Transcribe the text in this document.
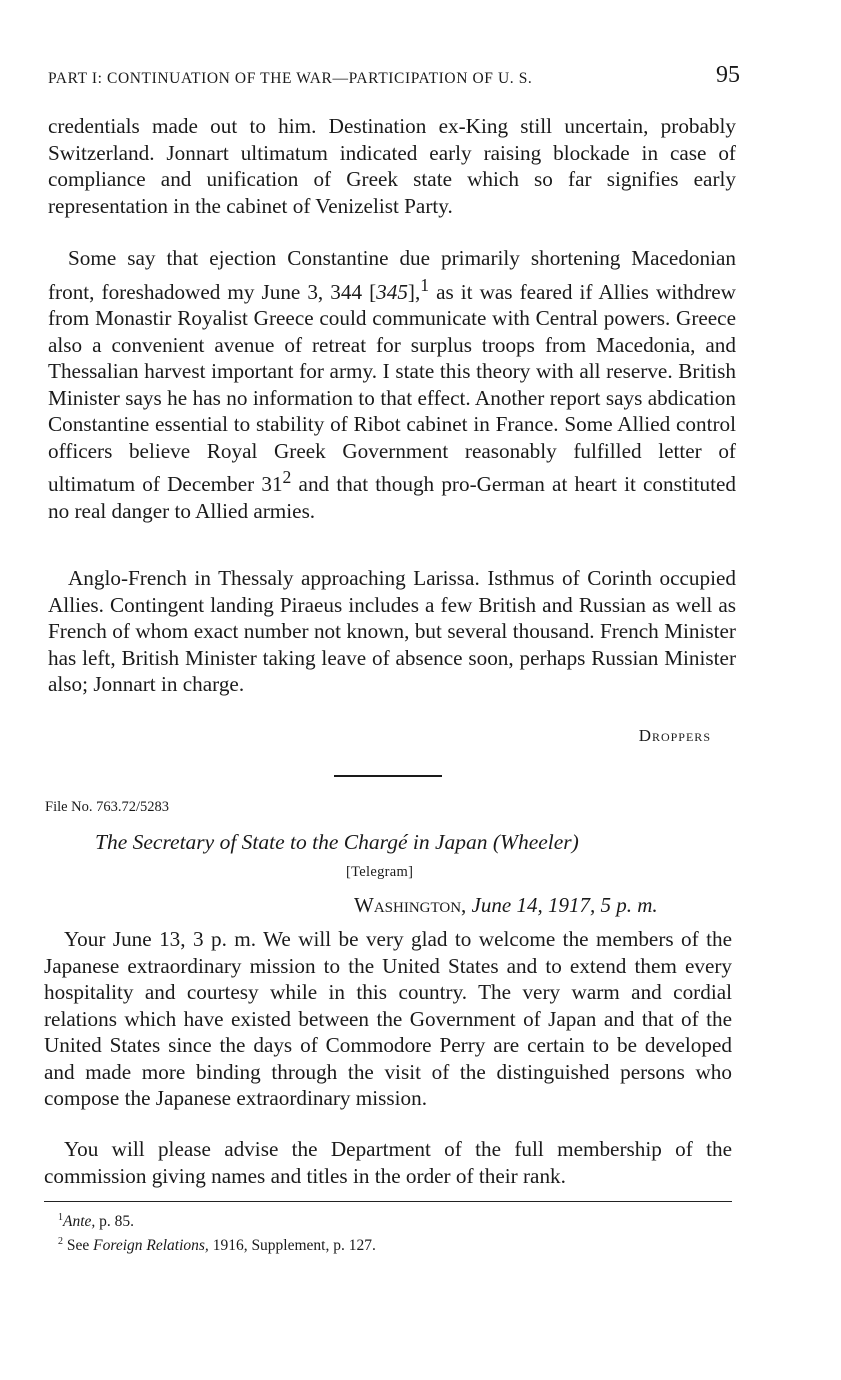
PART I: CONTINUATION OF THE WAR—PARTICIPATION OF U. S.	95

credentials made out to him. Destination ex-King still uncertain, probably Switzerland. Jonnart ultimatum indicated early raising blockade in case of compliance and unification of Greek state which so far signifies early representation in the cabinet of Venizelist Party.

Some say that ejection Constantine due primarily shortening Macedonian front, foreshadowed my June 3, 344 [345],$^1$ as it was feared if Allies withdrew from Monastir Royalist Greece could communicate with Central powers. Greece also a convenient avenue of retreat for surplus troops from Macedonia, and Thessalian harvest important for army. I state this theory with all reserve. British Minister says he has no information to that effect. Another report says abdication Constantine essential to stability of Ribot cabinet in France. Some Allied control officers believe Royal Greek Government reasonably fulfilled letter of ultimatum of December $31^2$ and that though pro-German at heart it constituted no real danger to Allied armies.

Anglo-French in Thessaly approaching Larissa. Isthmus of Corinth occupied Allies. Contingent landing Piraeus includes a few British and Russian as well as French of whom exact number not known, but several thousand. French Minister has left, British Minister taking leave of absence soon, perhaps Russian Minister also; Jonnart in charge.

Droppers
File No. 763.72/5283
The Secretary of State to the Chargé in Japan (Wheeler)
[Telegram]
Washington, June 14, 1917, 5 p. m.

Your June 13, 3 p. m. We will be very glad to welcome the members of the Japanese extraordinary mission to the United States and to extend them every hospitality and courtesy while in this country. The very warm and cordial relations which have existed between the Government of Japan and that of the United States since the days of Commodore Perry are certain to be developed and made more binding through the visit of the distinguished persons who compose the Japanese extraordinary mission.

You will please advise the Department of the full membership of the commission giving names and titles in the order of their rank.

$^1$Ante, p. 85.
$^2$ See Foreign Relations, 1916, Supplement, p. 127.
